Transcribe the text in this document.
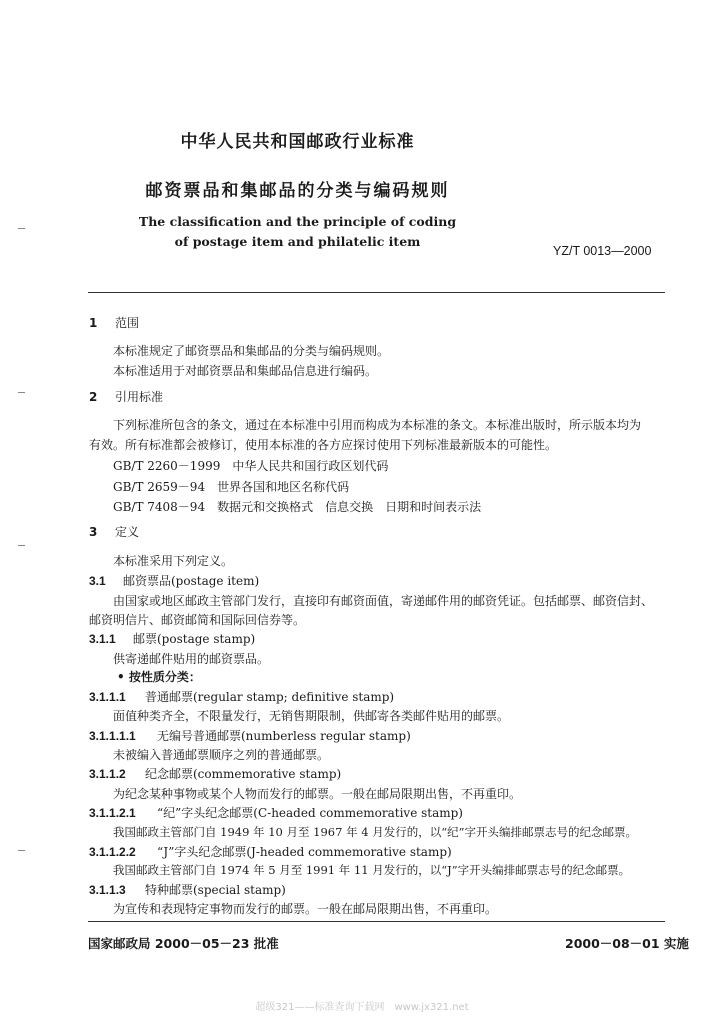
中华人民共和国邮政行业标准
邮资票品和集邮品的分类与编码规则
The classification and the principle of coding
of postage item and philatelic item
YZ/T 0013—2000
1 范围
本标准规定了邮资票品和集邮品的分类与编码规则。
本标准适用于对邮资票品和集邮品信息进行编码。
2 引用标准
下列标准所包含的条文，通过在本标准中引用而构成为本标准的条文。本标准出版时，所示版本均为
有效。所有标准都会被修订，使用本标准的各方应探讨使用下列标准最新版本的可能性。
GB/T 2260－1999　中华人民共和国行政区划代码
GB/T 2659－94　世界各国和地区名称代码
GB/T 7408－94　数据元和交换格式　信息交换　日期和时间表示法
3 定义
本标准采用下列定义。
3.1 邮资票品(postage item)
由国家或地区邮政主管部门发行，直接印有邮资面值，寄递邮件用的邮资凭证。包括邮票、邮资信封、
邮资明信片、邮资邮简和国际回信券等。
3.1.1 邮票(postage stamp)
供寄递邮件贴用的邮资票品。
• 按性质分类：
3.1.1.1 普通邮票(regular stamp; definitive stamp)
面值种类齐全，不限量发行，无销售期限制，供邮寄各类邮件贴用的邮票。
3.1.1.1.1 无编号普通邮票(numberless regular stamp)
未被编入普通邮票顺序之列的普通邮票。
3.1.1.2 纪念邮票(commemorative stamp)
为纪念某种事物或某个人物而发行的邮票。一般在邮局限期出售，不再重印。
3.1.1.2.1 “纪”字头纪念邮票(C-headed commemorative stamp)
我国邮政主管部门自 1949 年 10 月至 1967 年 4 月发行的，以“纪”字开头编排邮票志号的纪念邮票。
3.1.1.2.2 “J”字头纪念邮票(J-headed commemorative stamp)
我国邮政主管部门自 1974 年 5 月至 1991 年 11 月发行的，以“J”字开头编排邮票志号的纪念邮票。
3.1.1.3 特种邮票(special stamp)
为宣传和表现特定事物而发行的邮票。一般在邮局限期出售，不再重印。
国家邮政局 2000－05－23 批准	2000－08－01 实施
超级321——标准查询下载网　www.jx321.net
